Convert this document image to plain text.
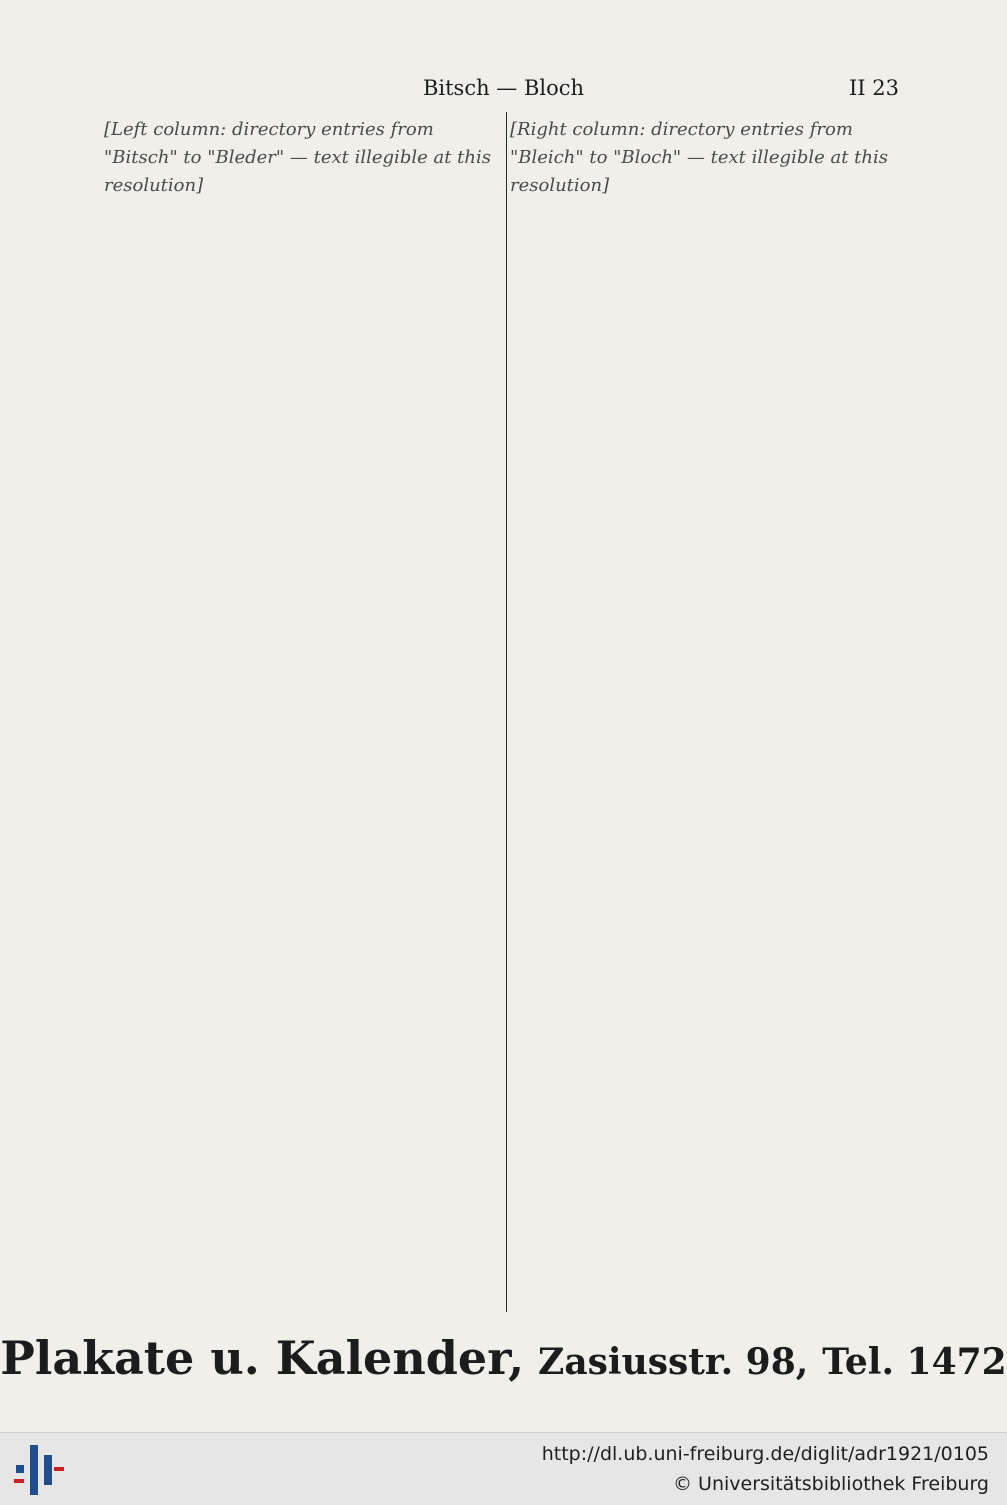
Bitsch — Bloch	II 23

[Left column: directory entries from "Bitsch" to "Bleder" — text illegible at this resolution]

[Right column: directory entries from "Bleich" to "Bloch" — text illegible at this resolution]

Plakate u. Kalender, Zasiusstr. 98, Tel. 1472
http://dl.ub.uni-freiburg.de/diglit/adr1921/0105
© Universitätsbibliothek Freiburg
